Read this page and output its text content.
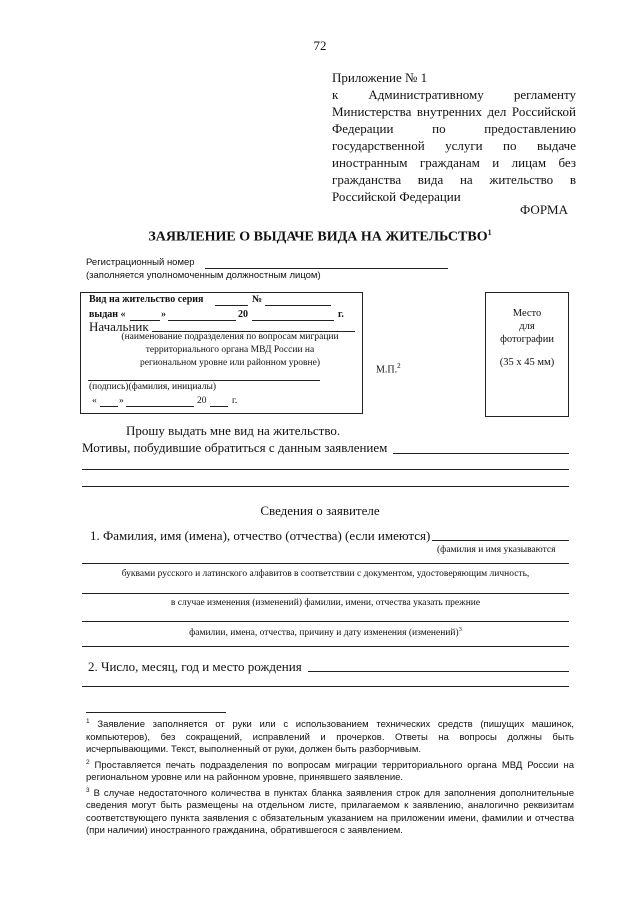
72
Приложение № 1
к Административному регламенту
Министерства внутренних дел Российской
Федерации по предоставлению
государственной услуги по выдаче
иностранным гражданам и лицам без
гражданства вида на жительство в
Российской Федерации
ФОРМА
ЗАЯВЛЕНИЕ О ВЫДАЧЕ ВИДА НА ЖИТЕЛЬСТВО$^1$
Регистрационный номер
(заполняется уполномоченным должностным лицом)
Вид на жительство серия	№
выдан «	»	20	г.
Начальник
(наименование подразделения по вопросам миграции
территориального органа МВД России на
региональном уровне или районном уровне)
(подпись)(фамилия, инициалы)
« »	20	г.
М.П.$^2$
Место
для
фотографии
(35 x 45 мм)
Прошу выдать мне вид на жительство.
Мотивы, побудившие обратиться с данным заявлением
Сведения о заявителе
1. Фамилия, имя (имена), отчество (отчества) (если имеются)
(фамилия и имя указываются
буквами русского и латинского алфавитов в соответствии с документом, удостоверяющим личность,
в случае изменения (изменений) фамилии, имени, отчества указать прежние
фамилии, имена, отчества, причину и дату изменения (изменений)$^3$
2. Число, месяц, год и место рождения

$^1$ Заявление заполняется от руки или с использованием технических средств (пишущих машинок, компьютеров), без сокращений, исправлений и прочерков. Ответы на вопросы должны быть исчерпывающими. Текст, выполненный от руки, должен быть разборчивым.

$^2$ Проставляется печать подразделения по вопросам миграции территориального органа МВД России на региональном уровне или на районном уровне, принявшего заявление.

$^3$ В случае недостаточного количества в пунктах бланка заявления строк для заполнения дополнительные сведения могут быть размещены на отдельном листе, прилагаемом к заявлению, аналогично реквизитам соответствующего пункта заявления с обязательным указанием на приложении имени, фамилии и отчества (при наличии) иностранного гражданина, обратившегося с заявлением.
